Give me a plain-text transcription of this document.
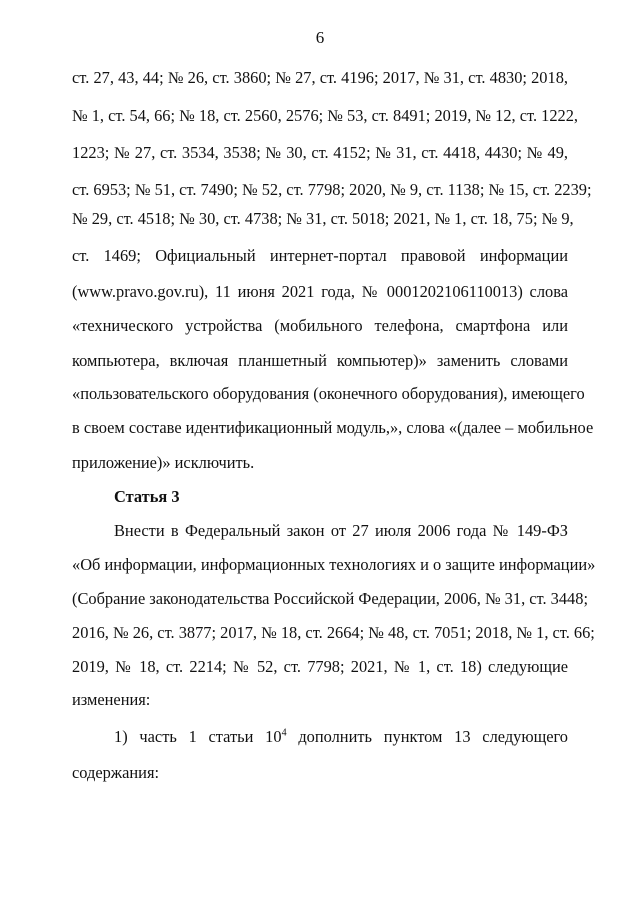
6
ст. 27, 43, 44; № 26, ст. 3860; № 27, ст. 4196; 2017, № 31, ст. 4830; 2018,
№ 1, ст. 54, 66; № 18, ст. 2560, 2576; № 53, ст. 8491; 2019, № 12, ст. 1222,
1223; № 27, ст. 3534, 3538; № 30, ст. 4152; № 31, ст. 4418, 4430; № 49,
ст. 6953; № 51, ст. 7490; № 52, ст. 7798; 2020, № 9, ст. 1138; № 15, ст. 2239;
№ 29, ст. 4518; № 30, ст. 4738; № 31, ст. 5018; 2021, № 1, ст. 18, 75; № 9,
ст. 1469; Официальный интернет-портал правовой информации
(www.pravo.gov.ru), 11 июня 2021 года, № 0001202106110013) слова
«технического устройства (мобильного телефона, смартфона или
компьютера, включая планшетный компьютер)» заменить словами
«пользовательского оборудования (оконечного оборудования), имеющего
в своем составе идентификационный модуль,», слова «(далее – мобильное
приложение)» исключить.
Статья 3
Внести в Федеральный закон от 27 июля 2006 года № 149-ФЗ
«Об информации, информационных технологиях и о защите информации»
(Собрание законодательства Российской Федерации, 2006, № 31, ст. 3448;
2016, № 26, ст. 3877; 2017, № 18, ст. 2664; № 48, ст. 7051; 2018, № 1, ст. 66;
2019, № 18, ст. 2214; № 52, ст. 7798; 2021, № 1, ст. 18) следующие
изменения:
1) часть 1 статьи $10^4$ дополнить пунктом 13 следующего
содержания:
